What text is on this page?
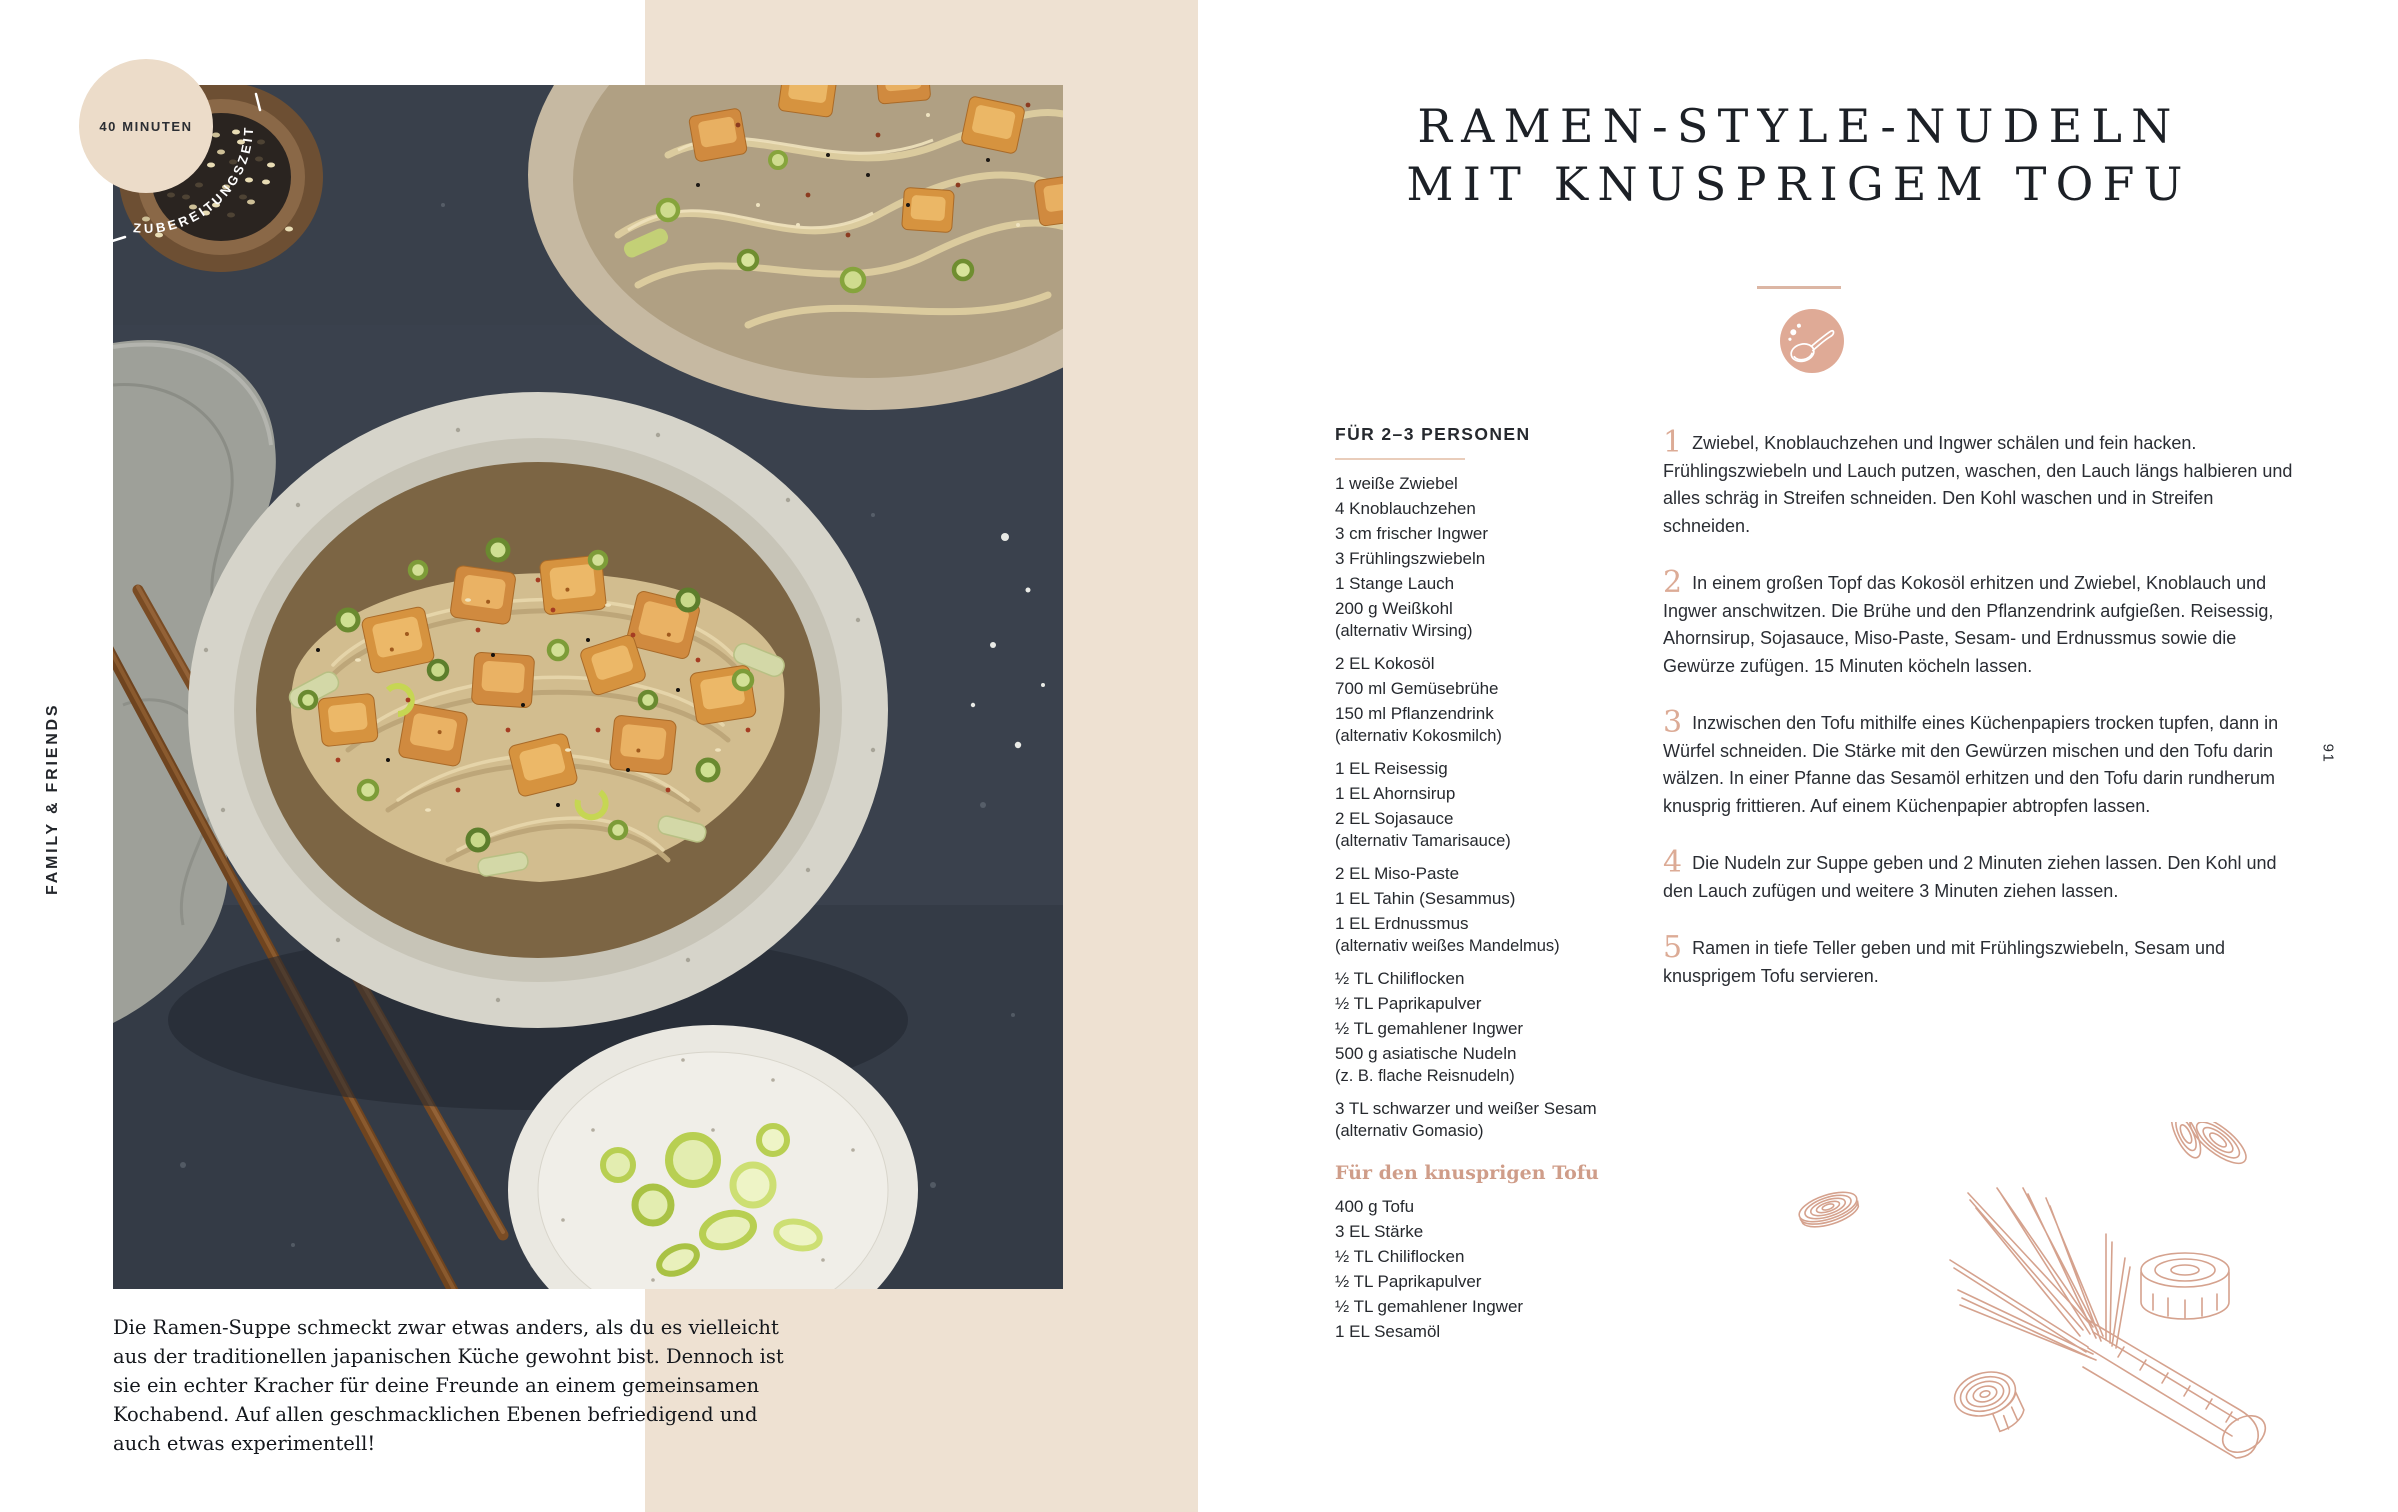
40 MINUTEN
ZUBEREITUNGSZEIT
FAMILY & FRIENDS
Die Ramen-Suppe schmeckt zwar etwas anders, als du es vielleicht aus der traditionellen japanischen Küche gewohnt bist. Dennoch ist sie ein echter Kracher für deine Freunde an einem gemeinsamen Kochabend. Auf allen geschmacklichen Ebenen befriedigend und auch etwas experimentell!
RAMEN-STYLE-NUDELN
MIT KNUSPRIGEM TOFU
FÜR 2–3 PERSONEN
1 weiße Zwiebel
4 Knoblauchzehen
3 cm frischer Ingwer
3 Frühlingszwiebeln
1 Stange Lauch
200 g Weißkohl
(alternativ Wirsing)
2 EL Kokosöl
700 ml Gemüsebrühe
150 ml Pflanzendrink
(alternativ Kokosmilch)
1 EL Reisessig
1 EL Ahornsirup
2 EL Sojasauce
(alternativ Tamarisauce)
2 EL Miso-Paste
1 EL Tahin (Sesammus)
1 EL Erdnussmus
(alternativ weißes Mandelmus)
½ TL Chiliflocken
½ TL Paprikapulver
½ TL gemahlener Ingwer
500 g asiatische Nudeln
(z. B. flache Reisnudeln)
3 TL schwarzer und weißer Sesam
(alternativ Gomasio)
Für den knusprigen Tofu
400 g Tofu
3 EL Stärke
½ TL Chiliflocken
½ TL Paprikapulver
½ TL gemahlener Ingwer
1 EL Sesamöl

1 Zwiebel, Knoblauchzehen und Ingwer schälen und fein hacken. Frühlingszwiebeln und Lauch putzen, waschen, den Lauch längs halbieren und alles schräg in Streifen schneiden. Den Kohl waschen und in Streifen schneiden.

2 In einem großen Topf das Kokosöl erhitzen und Zwiebel, Knoblauch und Ingwer anschwitzen. Die Brühe und den Pflanzendrink aufgießen. Reisessig, Ahornsirup, Sojasauce, Miso-Paste, Sesam- und Erdnussmus sowie die Gewürze zufügen. 15 Minuten köcheln lassen.

3 Inzwischen den Tofu mithilfe eines Küchenpapiers trocken tupfen, dann in Würfel schneiden. Die Stärke mit den Gewürzen mischen und den Tofu darin wälzen. In einer Pfanne das Sesamöl erhitzen und den Tofu darin rundherum knusprig frittieren. Auf einem Küchenpapier abtropfen lassen.

4 Die Nudeln zur Suppe geben und 2 Minuten ziehen lassen. Den Kohl und den Lauch zufügen und weitere 3 Minuten ziehen lassen.

5 Ramen in tiefe Teller geben und mit Frühlingszwiebeln, Sesam und knusprigem Tofu servieren.

91
